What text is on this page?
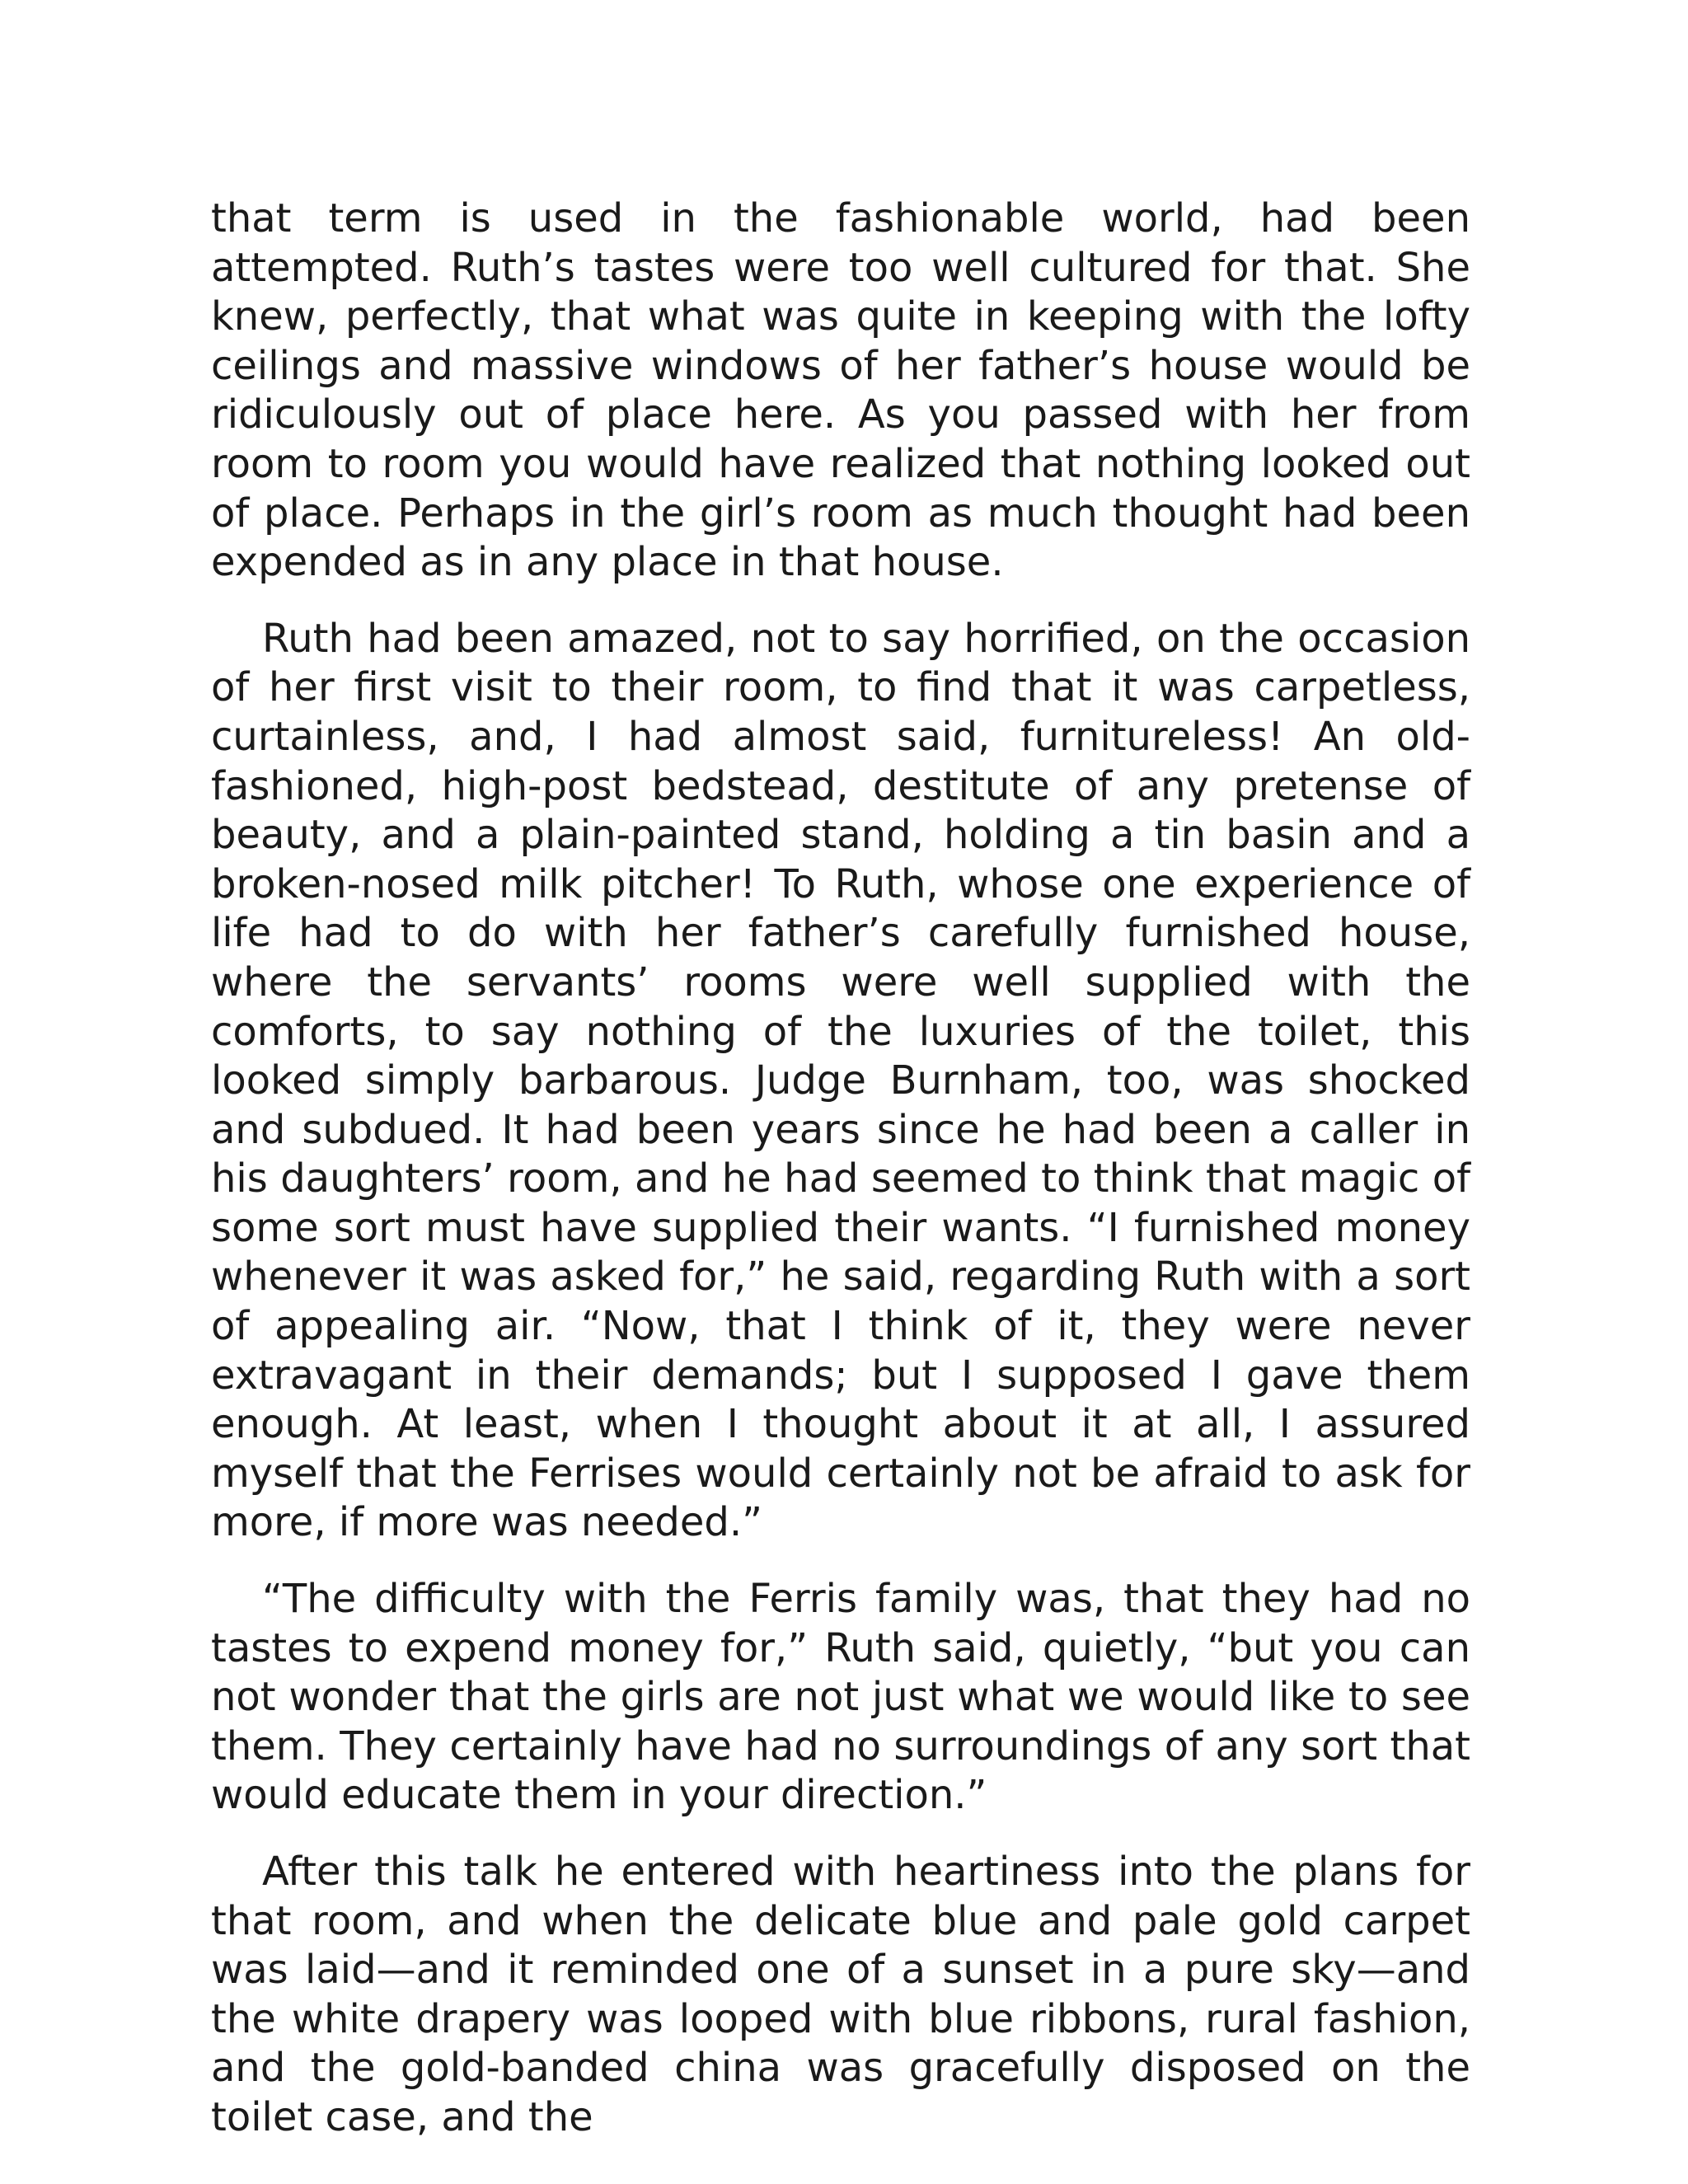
that term is used in the fashionable world, had been attempted. Ruth’s tastes were too well cultured for that. She knew, perfectly, that what was quite in keeping with the lofty ceilings and massive windows of her father’s house would be ridiculously out of place here. As you passed with her from room to room you would have realized that nothing looked out of place. Perhaps in the girl’s room as much thought had been expended as in any place in that house.

Ruth had been amazed, not to say horrified, on the occasion of her first visit to their room, to find that it was carpetless, curtainless, and, I had almost said, furnitureless! An old-fashioned, high-post bedstead, destitute of any pretense of beauty, and a plain-painted stand, holding a tin basin and a broken-nosed milk pitcher! To Ruth, whose one experience of life had to do with her father’s carefully furnished house, where the servants’ rooms were well supplied with the comforts, to say nothing of the luxuries of the toilet, this looked simply barbarous. Judge Burnham, too, was shocked and subdued. It had been years since he had been a caller in his daughters’ room, and he had seemed to think that magic of some sort must have supplied their wants. “I furnished money whenever it was asked for,” he said, regarding Ruth with a sort of appealing air. “Now, that I think of it, they were never extravagant in their demands; but I supposed I gave them enough. At least, when I thought about it at all, I assured myself that the Ferrises would certainly not be afraid to ask for more, if more was needed.”

“The difficulty with the Ferris family was, that they had no tastes to expend money for,” Ruth said, quietly, “but you can not wonder that the girls are not just what we would like to see them. They certainly have had no surroundings of any sort that would educate them in your direction.”

After this talk he entered with heartiness into the plans for that room, and when the delicate blue and pale gold carpet was laid—and it reminded one of a sunset in a pure sky—and the white drapery was looped with blue ribbons, rural fashion, and the gold-banded china was gracefully disposed on the toilet case, and the
